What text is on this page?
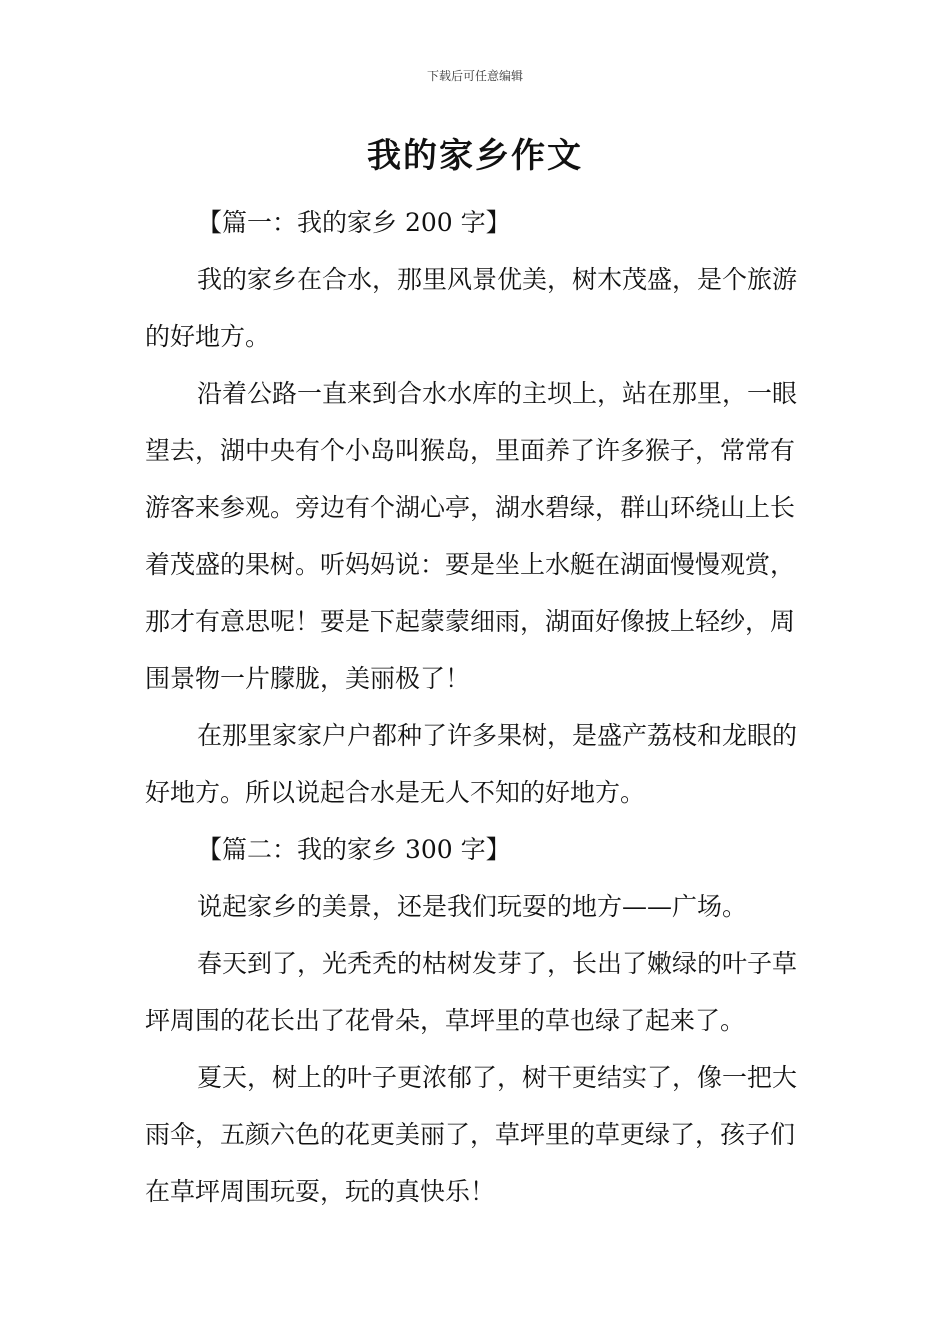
下载后可任意编辑
我的家乡作文

【篇一：我的家乡 200 字】

我的家乡在合水，那里风景优美，树木茂盛，是个旅游的好地方。

沿着公路一直来到合水水库的主坝上，站在那里，一眼望去，湖中央有个小岛叫猴岛，里面养了许多猴子，常常有游客来参观。旁边有个湖心亭，湖水碧绿，群山环绕山上长着茂盛的果树。听妈妈说：要是坐上水艇在湖面慢慢观赏，那才有意思呢！要是下起蒙蒙细雨，湖面好像披上轻纱，周围景物一片朦胧，美丽极了！

在那里家家户户都种了许多果树，是盛产荔枝和龙眼的好地方。所以说起合水是无人不知的好地方。

【篇二：我的家乡 300 字】

说起家乡的美景，还是我们玩耍的地方——广场。

春天到了，光秃秃的枯树发芽了，长出了嫩绿的叶子草坪周围的花长出了花骨朵，草坪里的草也绿了起来了。

夏天，树上的叶子更浓郁了，树干更结实了，像一把大雨伞，五颜六色的花更美丽了，草坪里的草更绿了，孩子们在草坪周围玩耍，玩的真快乐！
